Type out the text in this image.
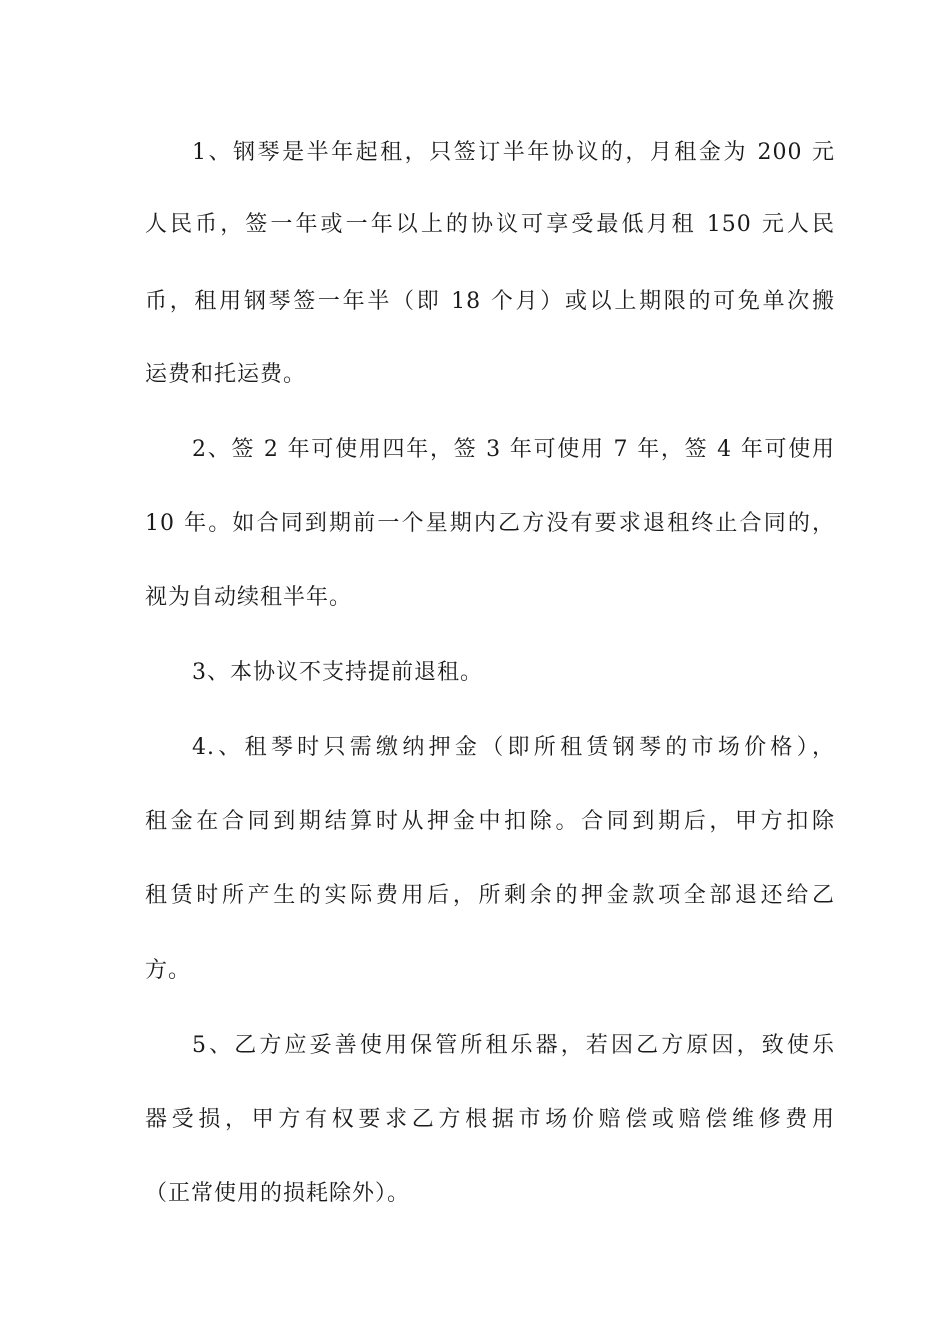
1、钢琴是半年起租，只签订半年协议的，月租金为 200 元
人民币，签一年或一年以上的协议可享受最低月租 150 元人民
币，租用钢琴签一年半（即 18 个月）或以上期限的可免单次搬
运费和托运费。
2、签 2 年可使用四年，签 3 年可使用 7 年，签 4 年可使用
10 年。如合同到期前一个星期内乙方没有要求退租终止合同的，
视为自动续租半年。
3、本协议不支持提前退租。
4.、租琴时只需缴纳押金（即所租赁钢琴的市场价格），
租金在合同到期结算时从押金中扣除。合同到期后，甲方扣除
租赁时所产生的实际费用后，所剩余的押金款项全部退还给乙
方。
5、乙方应妥善使用保管所租乐器，若因乙方原因，致使乐
器受损，甲方有权要求乙方根据市场价赔偿或赔偿维修费用
（正常使用的损耗除外）。
